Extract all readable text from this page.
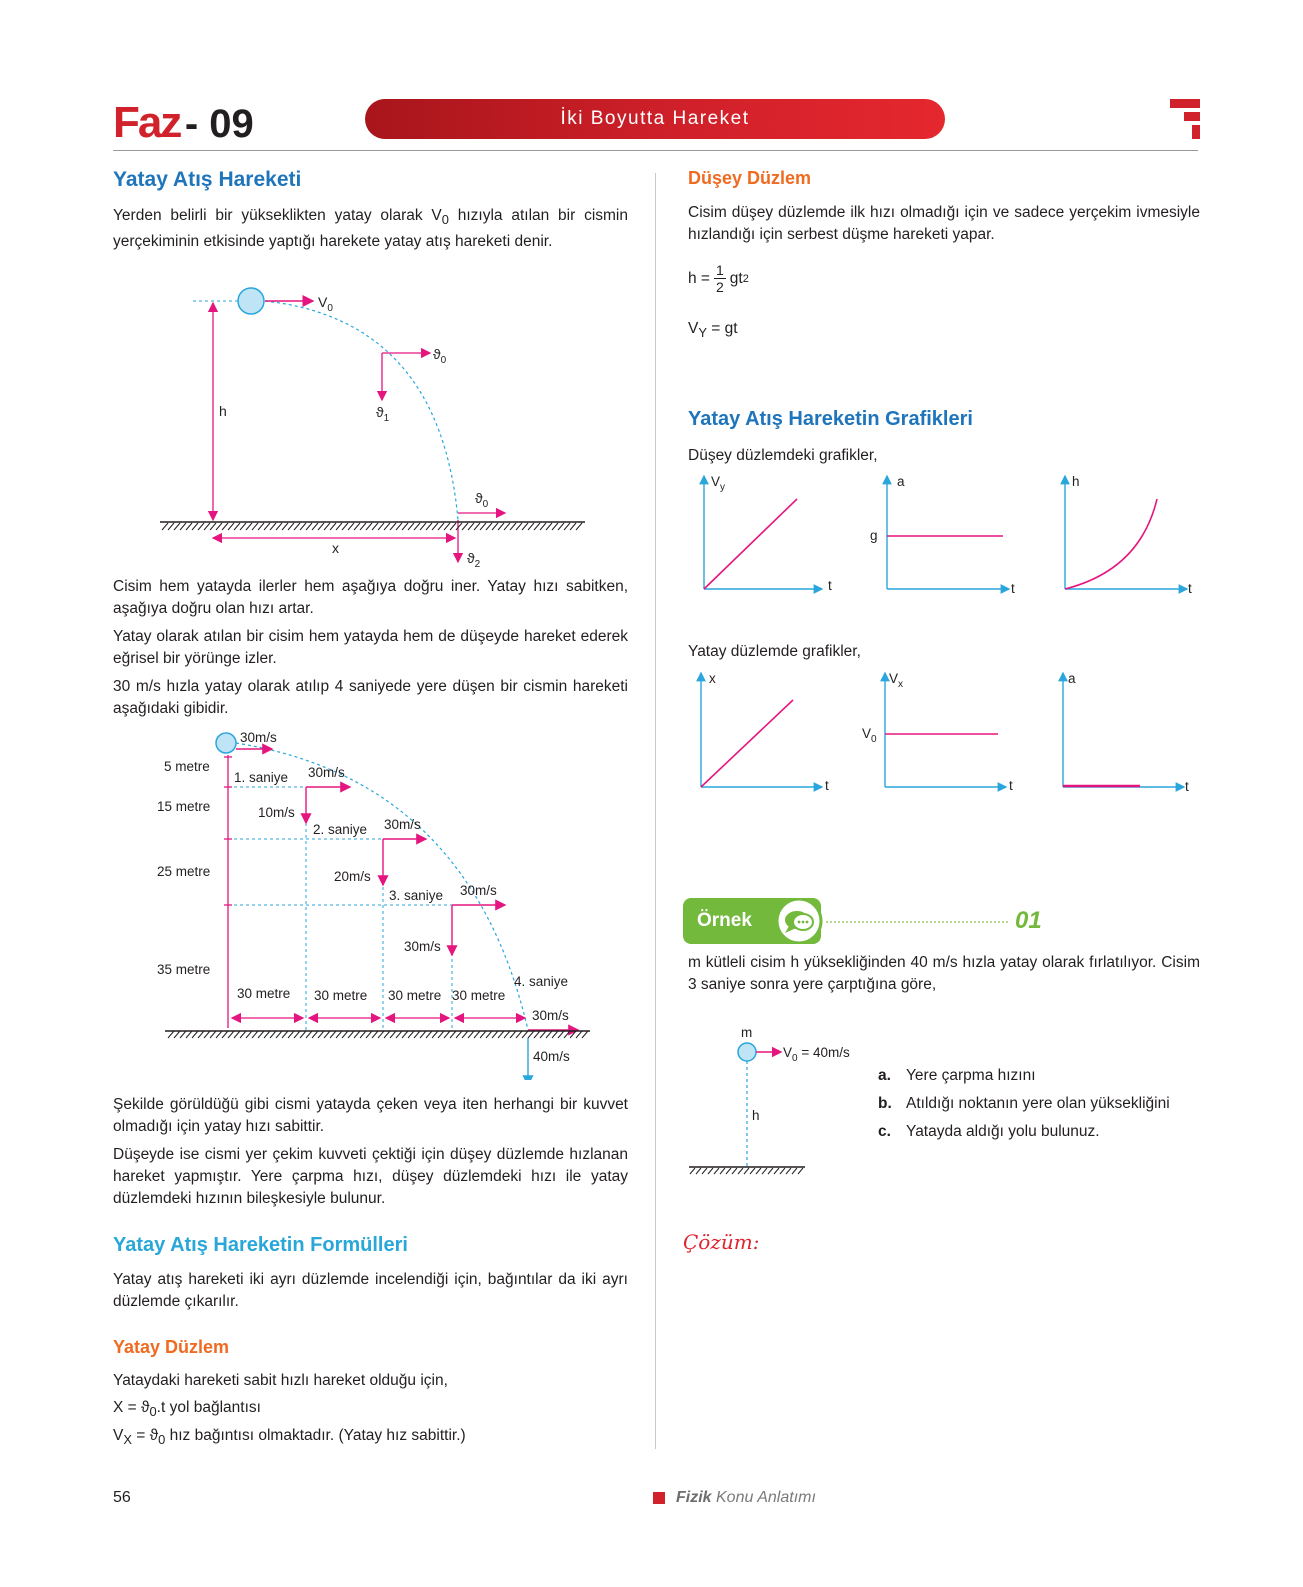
Faz - 09	İki Boyutta Hareket
Yatay Atış Hareketi
Yerden belirli bir yükseklikten yatay olarak $V_0$ hızıyla atılan bir cismin yerçekiminin etkisinde yaptığı harekete yatay atış hareketi denir.
$V_0$
h
x
$ϑ_0$
$ϑ_1$
$ϑ_0$
$ϑ_2$
Cisim hem yatayda ilerler hem aşağıya doğru iner. Yatay hızı sabitken, aşağıya doğru olan hızı artar.
Yatay olarak atılan bir cisim hem yatayda hem de düşeyde hareket ederek eğrisel bir yörünge izler.
30 m/s hızla yatay olarak atılıp 4 saniyede yere düşen bir cismin hareketi aşağıdaki gibidir.
30m/s
5 metre
15 metre
25 metre
35 metre
1. saniye
2. saniye
3. saniye
4. saniye
30m/s
30m/s
30m/s
30m/s
10m/s
20m/s
30m/s
40m/s
30 metre 30 metre 30 metre 30 metre
Şekilde görüldüğü gibi cismi yatayda çeken veya iten herhangi bir kuvvet olmadığı için yatay hızı sabittir.
Düşeyde ise cismi yer çekim kuvveti çektiği için düşey düzlemde hızlanan hareket yapmıştır. Yere çarpma hızı, düşey düzlemdeki hızı ile yatay düzlemdeki hızının bileşkesiyle bulunur.
Yatay Atış Hareketin Formülleri
Yatay atış hareketi iki ayrı düzlemde incelendiği için, bağıntılar da iki ayrı düzlemde çıkarılır.
Yatay Düzlem
Yataydaki hareketi sabit hızlı hareket olduğu için,
$X = ϑ_0.t$ yol bağlantısı
$V_X = ϑ_0$ hız bağıntısı olmaktadır. (Yatay hız sabittir.)
Düşey Düzlem
Cisim düşey düzlemde ilk hızı olmadığı için ve sadece yerçekim ivmesiyle hızlandığı için serbest düşme hareketi yapar.
$h = \frac{1}{2}$ gt 2
$V_Y$ = gt
Yatay Atış Hareketin Grafikleri
Düşey düzlemdeki grafikler,
$V_y$
t
a
g
t
h
t
Yatay düzlemde grafikler,
x
t
$V_x$
$V_0$
t
a
t
Örnek	01
m kütleli cisim h yüksekliğinden 40 m/s hızla yatay olarak fırlatılıyor. Cisim 3 saniye sonra yere çarptığına göre,
m
$V_0 = 40m/s$
h
a. Yere çarpma hızını
b. Atıldığı noktanın yere olan yüksekliğini
c. Yatayda aldığı yolu bulunuz.
Çözüm:
56	Fizik Konu Anlatımı
